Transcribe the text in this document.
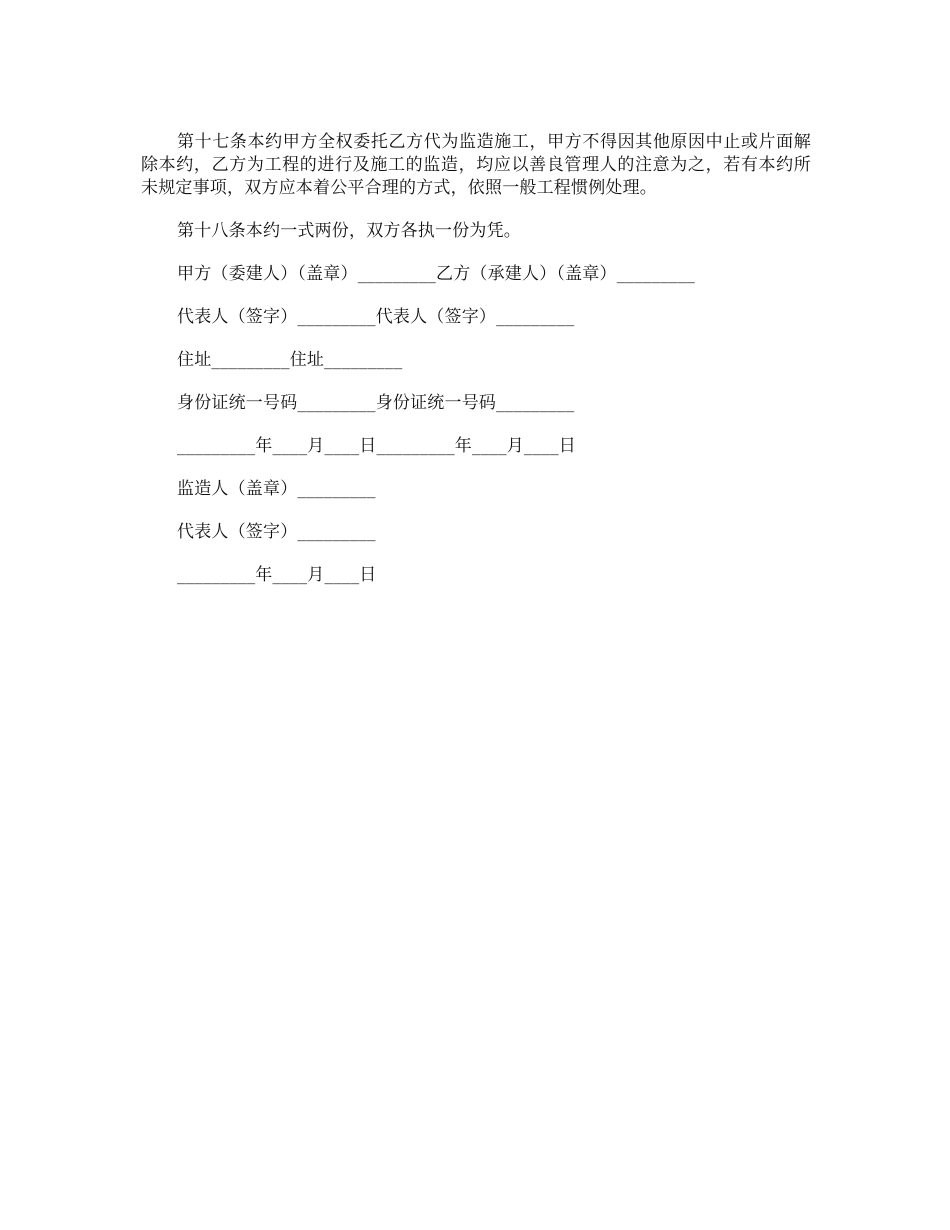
第十七条本约甲方全权委托乙方代为监造施工，甲方不得因其他原因中止或片面解除本约，乙方为工程的进行及施工的监造，均应以善良管理人的注意为之，若有本约所未规定事项，双方应本着公平合理的方式，依照一般工程惯例处理。

第十八条本约一式两份，双方各执一份为凭。

甲方（委建人）（盖章）_________乙方（承建人）（盖章）_________
代表人（签字）_________代表人（签字）_________
住址_________住址_________
身份证统一号码_________身份证统一号码_________
_________年____月____日_________年____月____日
监造人（盖章）_________
代表人（签字）_________
_________年____月____日
